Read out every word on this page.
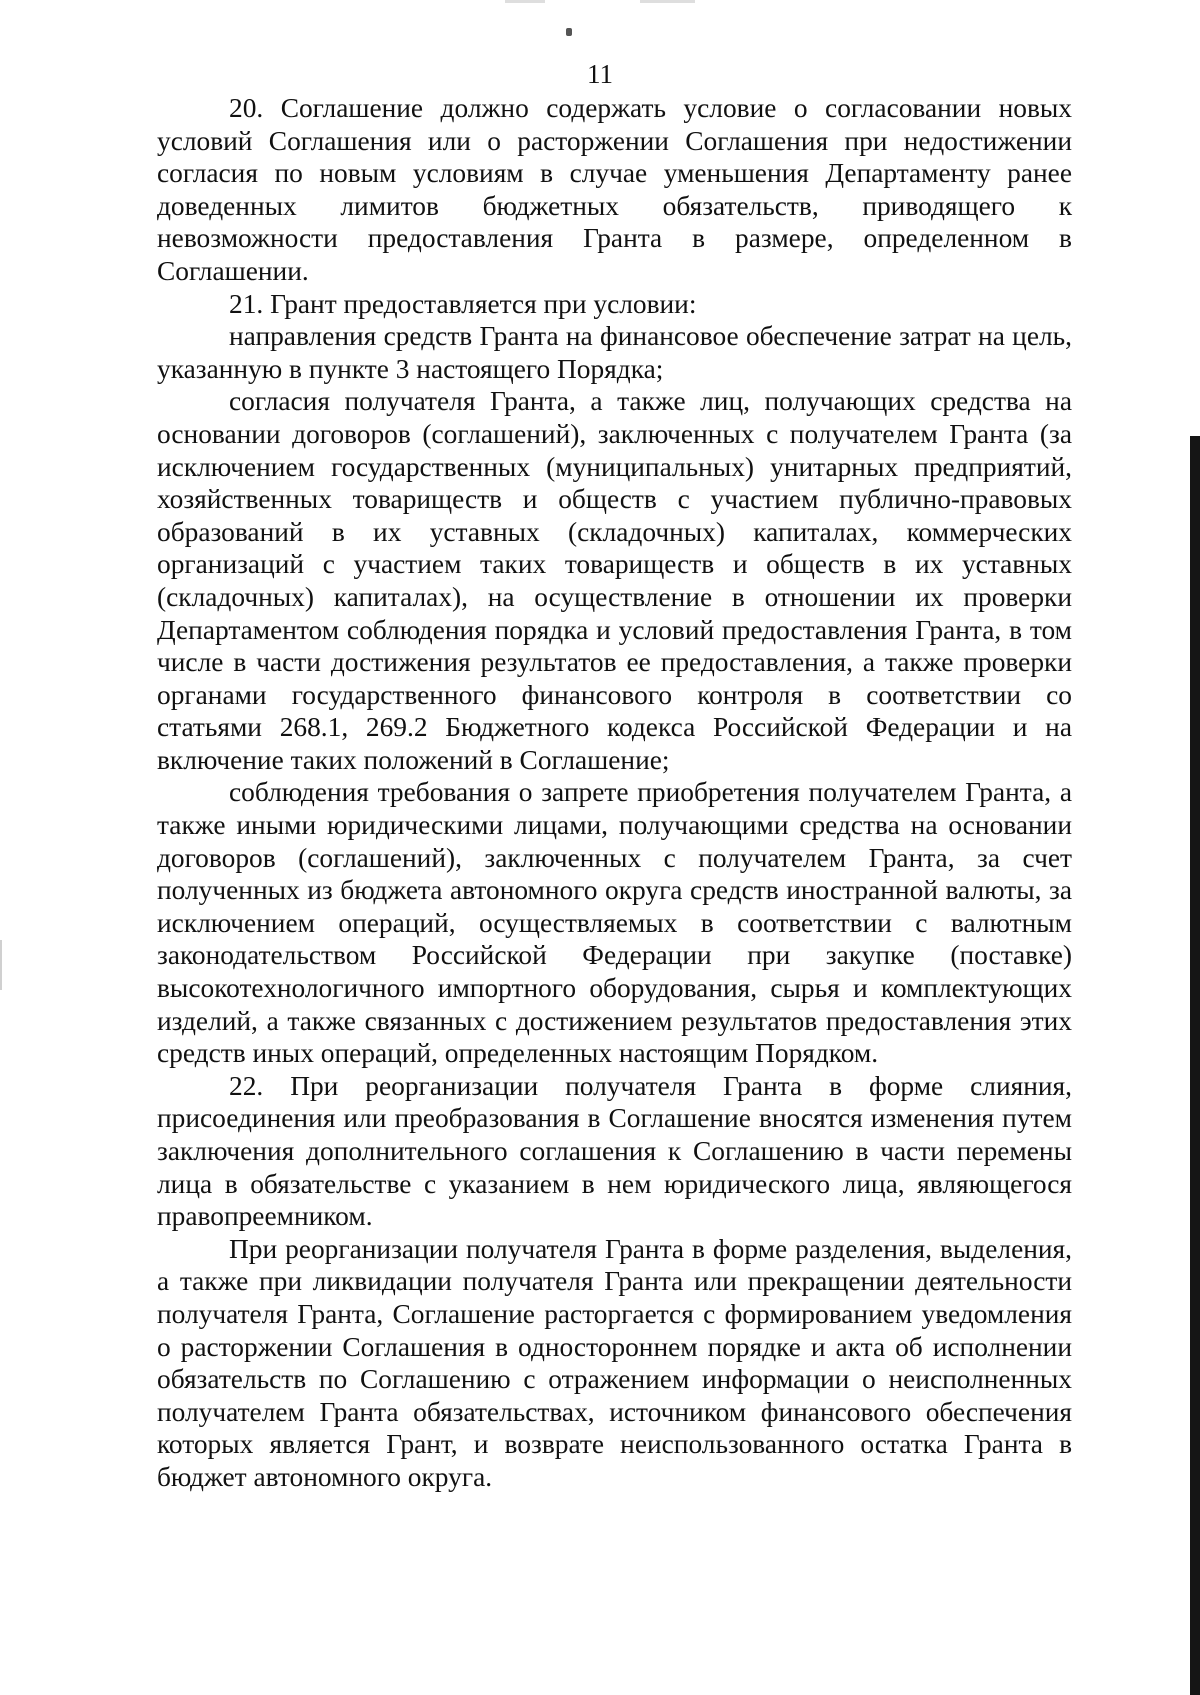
11

20. Соглашение должно содержать условие о согласовании новых условий Соглашения или о расторжении Соглашения при недостижении согласия по новым условиям в случае уменьшения Департаменту ранее доведенных лимитов бюджетных обязательств, приводящего к невозможности предоставления Гранта в размере, определенном в Соглашении.

21. Грант предоставляется при условии:

направления средств Гранта на финансовое обеспечение затрат на цель, указанную в пункте 3 настоящего Порядка;

согласия получателя Гранта, а также лиц, получающих средства на основании договоров (соглашений), заключенных с получателем Гранта (за исключением государственных (муниципальных) унитарных предприятий, хозяйственных товариществ и обществ с участием публично-правовых образований в их уставных (складочных) капиталах, коммерческих организаций с участием таких товариществ и обществ в их уставных (складочных) капиталах), на осуществление в отношении их проверки Департаментом соблюдения порядка и условий предоставления Гранта, в том числе в части достижения результатов ее предоставления, а также проверки органами государственного финансового контроля в соответствии со статьями 268.1, 269.2 Бюджетного кодекса Российской Федерации и на включение таких положений в Соглашение;

соблюдения требования о запрете приобретения получателем Гранта, а также иными юридическими лицами, получающими средства на основании договоров (соглашений), заключенных с получателем Гранта, за счет полученных из бюджета автономного округа средств иностранной валюты, за исключением операций, осуществляемых в соответствии с валютным законодательством Российской Федерации при закупке (поставке) высокотехнологичного импортного оборудования, сырья и комплектующих изделий, а также связанных с достижением результатов предоставления этих средств иных операций, определенных настоящим Порядком.

22. При реорганизации получателя Гранта в форме слияния, присоединения или преобразования в Соглашение вносятся изменения путем заключения дополнительного соглашения к Соглашению в части перемены лица в обязательстве с указанием в нем юридического лица, являющегося правопреемником.

При реорганизации получателя Гранта в форме разделения, выделения, а также при ликвидации получателя Гранта или прекращении деятельности получателя Гранта, Соглашение расторгается с формированием уведомления о расторжении Соглашения в одностороннем порядке и акта об исполнении обязательств по Соглашению с отражением информации о неисполненных получателем Гранта обязательствах, источником финансового обеспечения которых является Грант, и возврате неиспользованного остатка Гранта в бюджет автономного округа.
